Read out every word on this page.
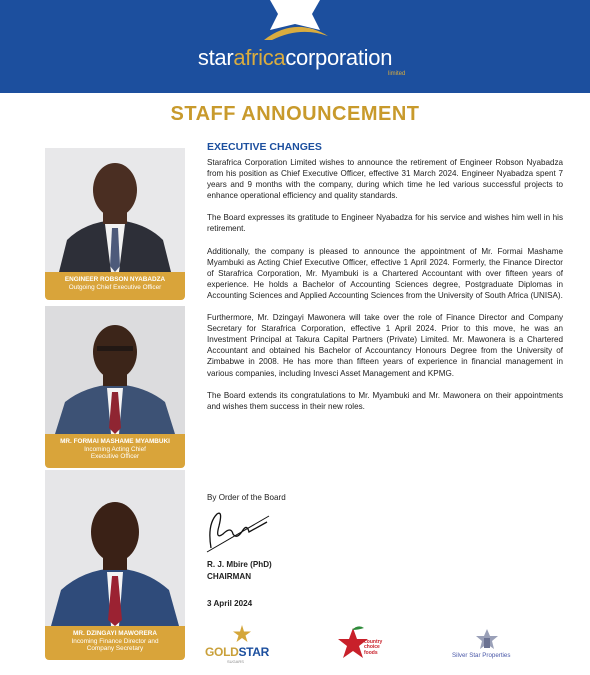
starafricacorporation
limited
STAFF ANNOUNCEMENT
ENGINEER ROBSON NYABADZA
Outgoing Chief Executive Officer
MR. FORMAI MASHAME MYAMBUKI
Incoming Acting Chief Executive Officer
MR. DZINGAYI MAWORERA
Incoming Finance Director and Company Secretary
EXECUTIVE CHANGES

Starafrica Corporation Limited wishes to announce the retirement of Engineer Robson Nyabadza from his position as Chief Executive Officer, effective 31 March 2024. Engineer Nyabadza spent 7 years and 9 months with the company, during which time he led various successful projects to enhance operational efficiency and quality standards.

The Board expresses its gratitude to Engineer Nyabadza for his service and wishes him well in his retirement.

Additionally, the company is pleased to announce the appointment of Mr. Formai Mashame Myambuki as Acting Chief Executive Officer, effective 1 April 2024. Formerly, the Finance Director of Starafrica Corporation, Mr. Myambuki is a Chartered Accountant with over fifteen years of experience. He holds a Bachelor of Accounting Sciences degree, Postgraduate Diplomas in Accounting Sciences and Applied Accounting Sciences from the University of South Africa (UNISA).

Furthermore, Mr. Dzingayi Mawonera will take over the role of Finance Director and Company Secretary for Starafrica Corporation, effective 1 April 2024. Prior to this move, he was an Investment Principal at Takura Capital Partners (Private) Limited. Mr. Mawonera is a Chartered Accountant and obtained his Bachelor of Accountancy Honours Degree from the University of Zimbabwe in 2008. He has more than fifteen years of experience in financial management in various companies, including Invesci Asset Management and KPMG.

The Board extends its congratulations to Mr. Myambuki and Mr. Mawonera on their appointments and wishes them success in their new roles.

By Order of the Board
R. J. Mbire (PhD)
CHAIRMAN
3 April 2024
GOLDSTAR
SUGARS
country
choice
foods	Silver Star Properties
